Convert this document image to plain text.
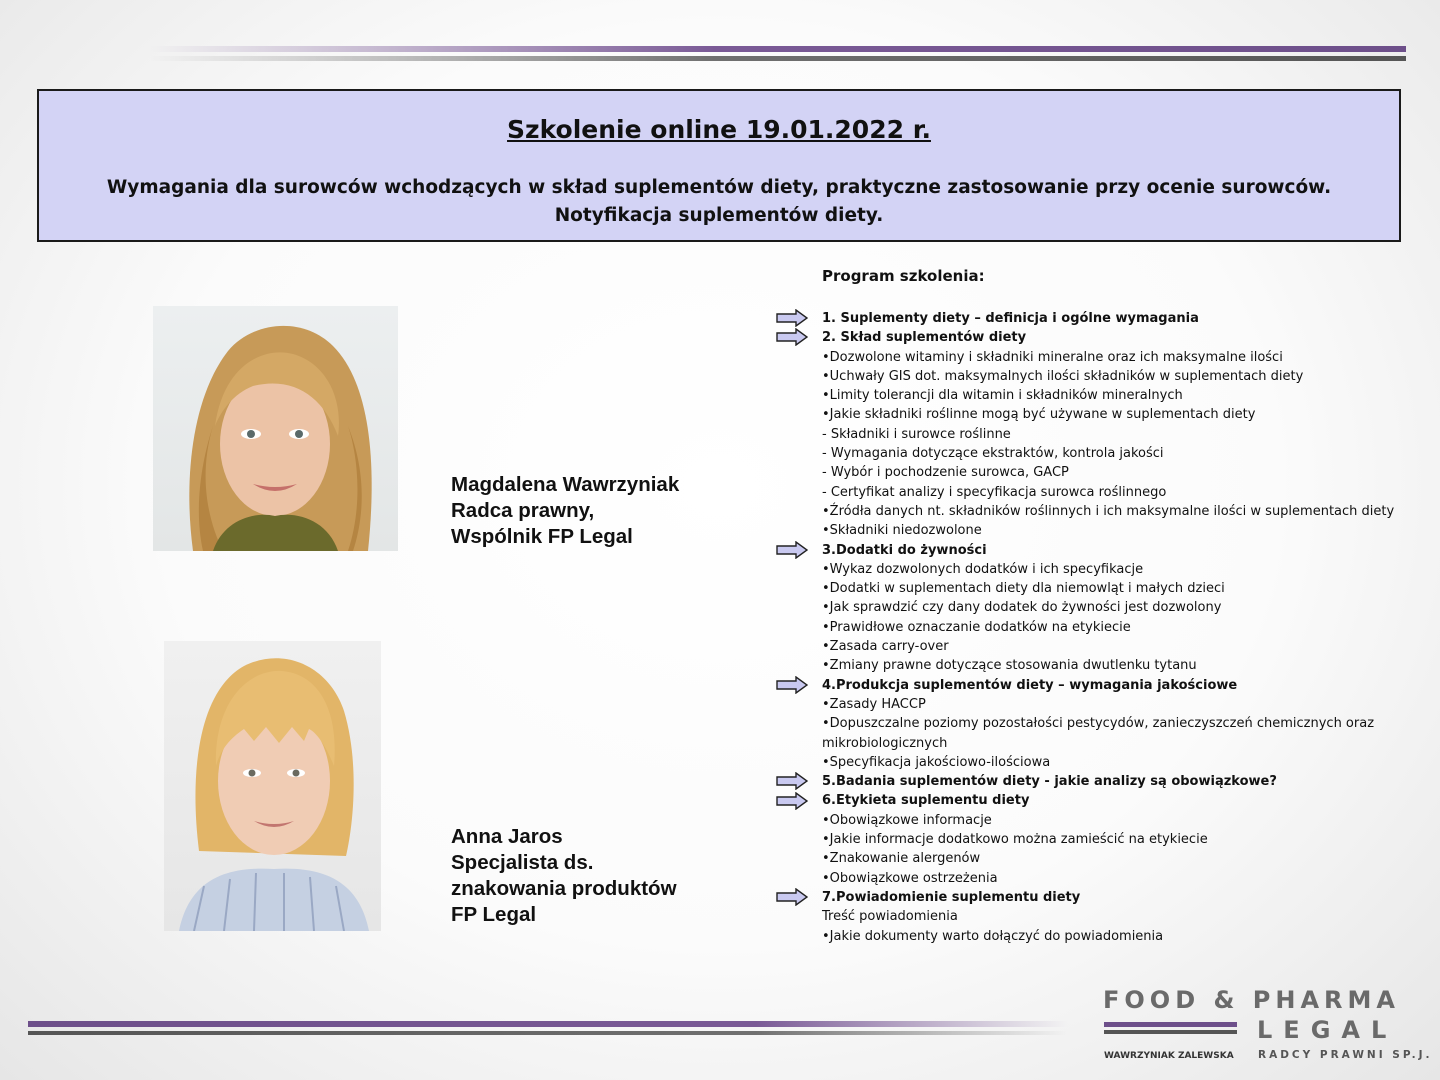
Szkolenie online 19.01.2022 r.
Wymagania dla surowców wchodzących w skład suplementów diety, praktyczne zastosowanie przy ocenie surowców.
Notyfikacja suplementów diety.
Magdalena Wawrzyniak
Radca prawny,
Wspólnik FP Legal
Anna Jaros
Specjalista ds.
znakowania produktów
FP Legal
Program szkolenia:
1. Suplementy diety – definicja i ogólne wymagania
2. Skład suplementów diety
•Dozwolone witaminy i składniki mineralne oraz ich maksymalne ilości
•Uchwały GIS dot. maksymalnych ilości składników w suplementach diety
•Limity tolerancji dla witamin i składników mineralnych
•Jakie składniki roślinne mogą być używane w suplementach diety
- Składniki i surowce roślinne
- Wymagania dotyczące ekstraktów, kontrola jakości
- Wybór i pochodzenie surowca, GACP
- Certyfikat analizy i specyfikacja surowca roślinnego
•Źródła danych nt. składników roślinnych i ich maksymalne ilości w suplementach diety
•Składniki niedozwolone
3.Dodatki do żywności
•Wykaz dozwolonych dodatków i ich specyfikacje
•Dodatki w suplementach diety dla niemowląt i małych dzieci
•Jak sprawdzić czy dany dodatek do żywności jest dozwolony
•Prawidłowe oznaczanie dodatków na etykiecie
•Zasada carry-over
•Zmiany prawne dotyczące stosowania dwutlenku tytanu
4.Produkcja suplementów diety – wymagania jakościowe
•Zasady HACCP
•Dopuszczalne poziomy pozostałości pestycydów, zanieczyszczeń chemicznych oraz
mikrobiologicznych
•Specyfikacja jakościowo-ilościowa
5.Badania suplementów diety - jakie analizy są obowiązkowe?
6.Etykieta suplementu diety
•Obowiązkowe informacje
•Jakie informacje dodatkowo można zamieścić na etykiecie
•Znakowanie alergenów
•Obowiązkowe ostrzeżenia
7.Powiadomienie suplementu diety
Treść powiadomienia
•Jakie dokumenty warto dołączyć do powiadomienia
FOOD & PHARMA
LEGAL
WAWRZYNIAK ZALEWSKA RADCY PRAWNI SP.J.
